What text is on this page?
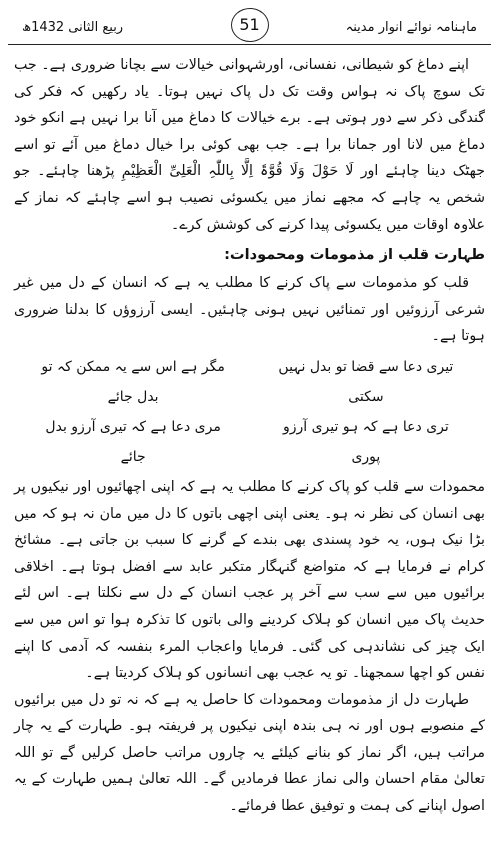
ماہنامہ نوائے انوار مدینہ
51
ربیع الثانی 1432ھ

اپنے دماغ کو شیطانی، نفسانی، اورشہوانی خیالات سے بچانا ضروری ہے۔ جب تک سوچ پاک نہ ہواس وقت تک دل پاک نہیں ہوتا۔ یاد رکھیں کہ فکر کی گندگی ذکر سے دور ہوتی ہے۔ برے خیالات کا دماغ میں آنا برا نہیں ہے انکو خود دماغ میں لانا اور جمانا برا ہے۔ جب بھی کوئی برا خیال دماغ میں آئے تو اسے جھٹک دینا چاہئے اور لَا حَوْلَ وَلَا قُوَّۃَ اِلَّا بِاللّٰہِ الْعَلِیِّ الْعَظِیْمِ پڑھنا چاہئے۔ جو شخص یہ چاہے کہ مجھے نماز میں یکسوئی نصیب ہو اسے چاہئے کہ نماز کے علاوہ اوقات میں یکسوئی پیدا کرنے کی کوشش کرے۔

طہارت قلب از مذمومات ومحمودات:

قلب کو مذمومات سے پاک کرنے کا مطلب یہ ہے کہ انسان کے دل میں غیر شرعی آرزوئیں اور تمنائیں نہیں ہونی چاہئیں۔ ایسی آرزوؤں کا بدلنا ضروری ہوتا ہے۔

تیری دعا سے قضا تو بدل نہیں سکتی
مگر ہے اس سے یہ ممکن کہ تو بدل جائے
تری دعا ہے کہ ہو تیری آرزو پوری
مری دعا ہے کہ تیری آرزو بدل جائے

محمودات سے قلب کو پاک کرنے کا مطلب یہ ہے کہ اپنی اچھائیوں اور نیکیوں پر بھی انسان کی نظر نہ ہو۔ یعنی اپنی اچھی باتوں کا دل میں مان نہ ہو کہ میں بڑا نیک ہوں، یہ خود پسندی بھی بندے کے گرنے کا سبب بن جاتی ہے۔ مشائخ کرام نے فرمایا ہے کہ متواضع گنہگار متکبر عابد سے افضل ہوتا ہے۔ اخلاقی برائیوں میں سے سب سے آخر پر عجب انسان کے دل سے نکلتا ہے۔ اس لئے حدیث پاک میں انسان کو ہلاک کردینے والی باتوں کا تذکرہ ہوا تو اس میں سے ایک چیز کی نشاندہی کی گئی۔ فرمایا واعجاب المرء بنفسہ کہ آدمی کا اپنے نفس کو اچھا سمجھنا۔ تو یہ عجب بھی انسانوں کو ہلاک کردیتا ہے۔

طہارت دل از مذمومات ومحمودات کا حاصل یہ ہے کہ نہ تو دل میں برائیوں کے منصوبے ہوں اور نہ ہی بندہ اپنی نیکیوں پر فریفتہ ہو۔ طہارت کے یہ چار مراتب ہیں، اگر نماز کو بنانے کیلئے یہ چاروں مراتب حاصل کرلیں گے تو اللہ تعالیٰ مقام احسان والی نماز عطا فرمادیں گے۔ اللہ تعالیٰ ہمیں طہارت کے یہ اصول اپنانے کی ہمت و توفیق عطا فرمائے۔
